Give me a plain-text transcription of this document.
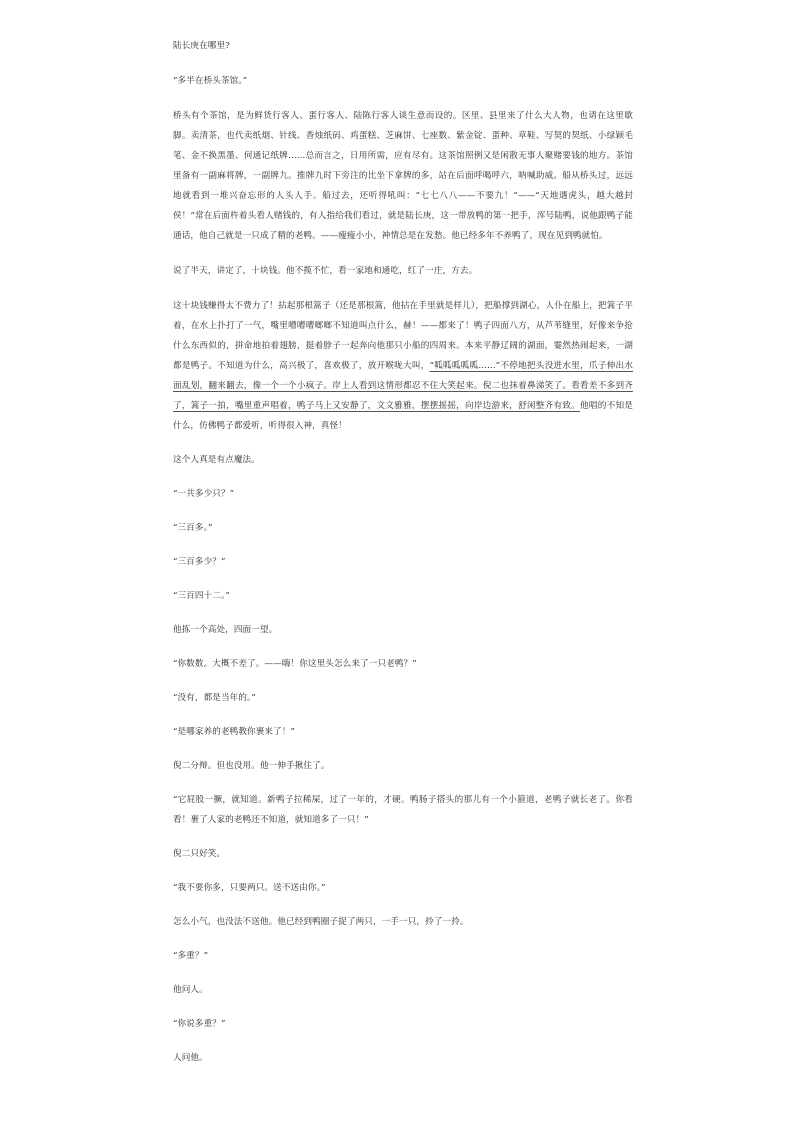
陆长庚在哪里?

“多半在桥头茶馆。”

桥头有个茶馆，是为鲜货行客人、蛋行客人、陆陈行客人谈生意而设的。区里、县里来了什么大人物，也请在这里歇脚。卖清茶，也代卖纸烟、针线、香烛纸码、鸡蛋糕、芝麻饼、七座数、紫金锭、蛋种、草鞋、写契的契纸、小绿颖毛笔、金不换黑墨、何通记纸牌……总而言之，日用所需，应有尽有。这茶馆照例又是闲散无事人聚赌要钱的地方。茶馆里备有一副麻将牌，一副牌九。推牌九时下旁注的比坐下拿牌的多，站在后面呼喝呼六，呐喊助威。船从桥头过，远远地就看到一堆兴奋忘形的人头人手。船过去，还听得吼叫：“七七八八——不要九！”——“天地遇虎头，越大越封侯！”常在后面杵着头看人赌钱的，有人指给我们看过，就是陆长庚，这一带放鸭的第一把手，浑号陆鸭，说他跟鸭子能通话，他自己就是一只成了精的老鸭。——瘦瘦小小，神情总是在发愁。他已经多年不养鸭了，现在见到鸭就怕。

说了半天，讲定了，十块钱。他不揽不忙，看一家地和通吃，红了一庄，方去。

这十块钱赚得太不费力了！拈起那根篙子（还是那根篙，他拈在手里就是样儿），把船撑到湖心，人仆在船上，把篙子平着，在水上扑打了一气，嘴里嘈嘈嘈啷啷不知道叫点什么，赫！——都来了！鸭子四面八方，从芦苇缝里，好像来争抢什么东西似的，拼命地拍着翅膀，挺着脖子一起奔向他那只小船的四周来。本来平静辽阔的湖面，霎然热闹起来，一湖都是鸭子。不知道为什么，高兴极了，喜欢极了，放开喉咙大叫，“呱呱呱呱呱……”不停地把头没进水里，爪子伸出水面乱划，翻来翻去，像一个一个小疯子。岸上人看到这情形都忍不住大笑起来。倪二也抹着鼻涕笑了。看看差不多到齐了，篙子一拍，嘴里重声唱着，鸭子马上又安静了，文文雅雅，摆摆摇摇，向岸边游来，舒闲整齐有致。他唱的不知是什么，仿佛鸭子都爱听，听得很入神，真怪！

这个人真是有点魔法。

“一共多少只？”

“三百多。”

“三百多少？”

“三百四十二。”

他拣一个高处，四面一望。

“你数数。大概不差了。——嗨！你这里头怎么来了一只老鸭？”

“没有，都是当年的。”

“是哪家养的老鸭教你裹来了！”

倪二分辩。但也没用。他一伸手揪住了。

“它屁股一撅，就知道。新鸭子拉稀屎，过了一年的，才硬。鸭肠子搭头的那儿有一个小箍道，老鸭子就长老了。你看看！裹了人家的老鸭还不知道，就知道多了一只！”

倪二只好笑。

“我不要你多，只要两只。送不送由你。”

怎么小气，也没法不送他。他已经到鸭圈子捉了两只，一手一只，拎了一拎。

“多重？”

他问人。

“你说多重？”

人问他。
